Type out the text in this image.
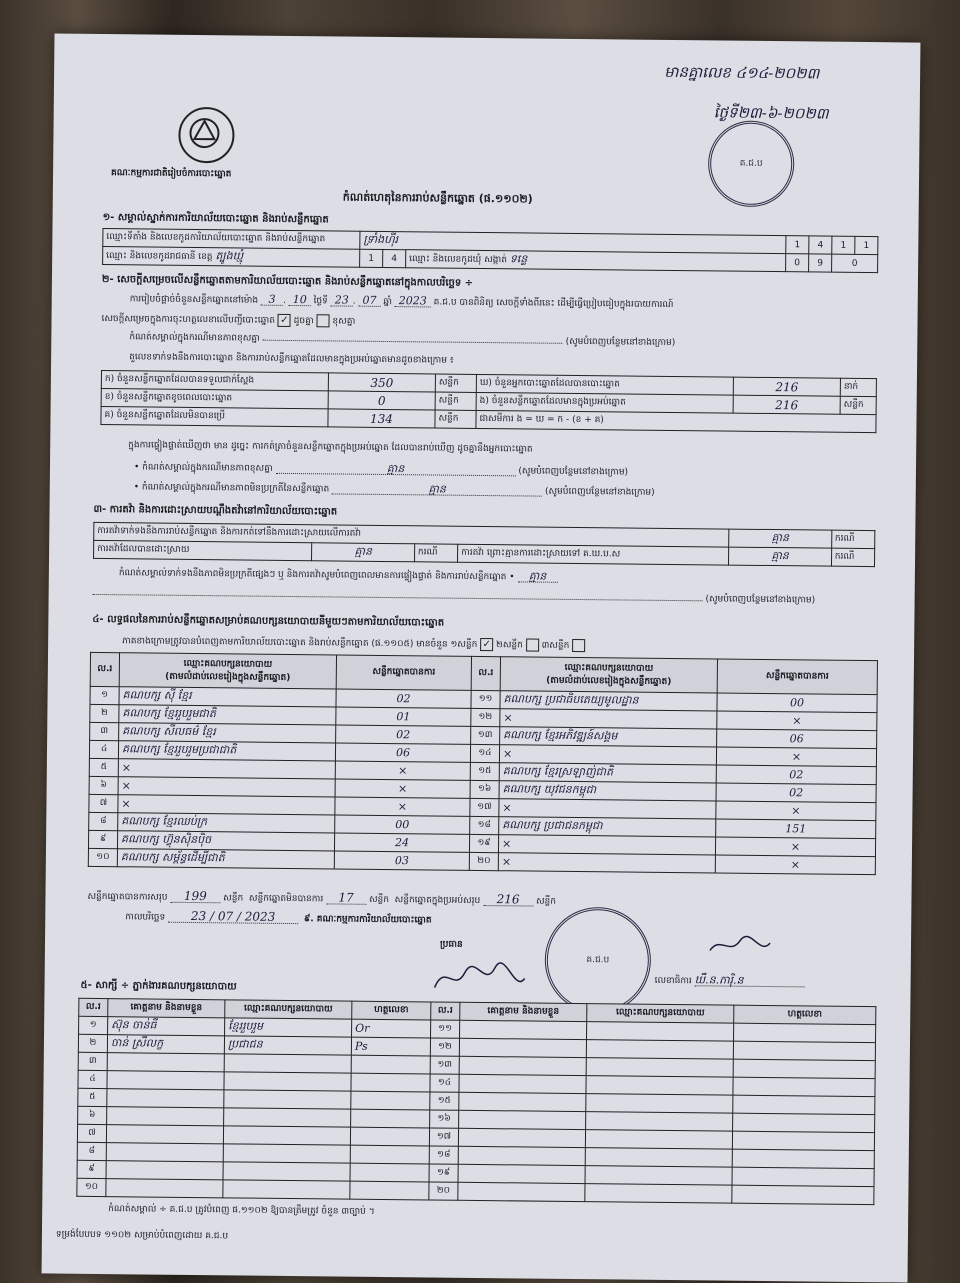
មានគ្នាលេខ ៤១៤-២០២៣
ថ្ងៃទី២៣-៦-២០២៣
គ.ជ.ប
គណៈកម្មការជាតិរៀបចំការបោះឆ្នោត
កំណត់ហេតុនៃការរាប់សន្លឹកឆ្នោត (ផ.១១០២)
១- សម្គាល់ស្នាក់ការការិយាល័យបោះឆ្នោត និងរាប់សន្លឹកឆ្នោត
ឈ្មោះទីតាំង និងលេខកូដការិយាល័យបោះឆ្នោត និងរាប់សន្លឹកឆ្នោត	ទ្រាំងហ៊ីរ			1	4	1	1
ឈ្មោះ និងលេខកូដរាជធានី ខេត្ត ត្បូងឃ្មុំ	1	4	ឈ្មោះ និងលេខកូដឃុំ សង្កាត់ ទន្លេ	0	9	0	
២- សេចក្តីសម្រេចលើសន្លឹកឆ្នោតតាមការិយាល័យបោះឆ្នោត និងរាប់សន្លឹកឆ្នោតនៅក្នុងកាលបរិច្ឆេទ ÷
ការរៀបចំផ្តាច់ចំនួនសន្លឹកឆ្នោតនៅម៉ោង 3 . 10 ថ្ងៃទី 23 . 07 ឆ្នាំ 2023 គ.ជ.ប បានពិនិត្យ សេចក្តីទាំងពីរនេះ ដើម្បីធ្វើប្រៀបធៀបក្នុងរបាយការណ៍
សេចក្តីសម្រេចក្នុងការចុះហត្ថលេខាលើបញ្ជីបោះឆ្នោត ✓ ដូចគ្នា ខុសគ្នា
កំណត់សម្គាល់ក្នុងករណីមានភាពខុសគ្នា	(សូមបំពេញបន្ថែមនៅខាងក្រោម)
តួលេខទាក់ទងនឹងការបោះឆ្នោត និងការរាប់សន្លឹកឆ្នោតដែលមានក្នុងប្រអប់ឆ្នោតមានដូចខាងក្រោម ៖
ក) ចំនួនសន្លឹកឆ្នោតដែលបានទទួលជាក់ស្តែង	350	សន្លឹក	ឃ) ចំនួនអ្នកបោះឆ្នោតដែលបានបោះឆ្នោត	216	នាក់
ខ) ចំនួនសន្លឹកឆ្នោតខូចពេលបោះឆ្នោត	0	សន្លឹក	ង) ចំនួនសន្លឹកឆ្នោតដែលមានក្នុងប្រអប់ឆ្នោត	216	សន្លឹក
គ) ចំនួនសន្លឹកឆ្នោតដែលមិនបានប្រើ	134	សន្លឹក	ជាសមីការ ង = ឃ = ក - (ខ + គ)		
ក្នុងការផ្ទៀងផ្ទាត់ឃើញថា មាន ដូច្នេះ ការកត់ត្រាចំនួនសន្លឹកឆ្នោតក្នុងប្រអប់ឆ្នោត ដែលបានរាប់ឃើញ ដូចគ្នានឹងអ្នកបោះឆ្នោត
• កំណត់សម្គាល់ក្នុងករណីមានភាពខុសគ្នា	គ្មាន	(សូមបំពេញបន្ថែមនៅខាងក្រោម)
• កំណត់សម្គាល់ក្នុងករណីមានភាពមិនប្រក្រតីនៃសន្លឹកឆ្នោត	គ្មាន	(សូមបំពេញបន្ថែមនៅខាងក្រោម)
៣- ការតវ៉ា និងការដោះស្រាយបណ្តឹងតវ៉ានៅការិយាល័យបោះឆ្នោត
ការតវ៉ាទាក់ទងនឹងការរាប់សន្លឹកឆ្នោត និងការកត់ទៅនឹងការដោះស្រាយលើការតវ៉ា				គ្មាន	ករណី
ការតវ៉ាដែលបានដោះស្រាយ	គ្មាន	ករណី	ការតវ៉ា ព្រោះគ្មានការដោះស្រាយទៅ គ.ឃ.ប.ស	គ្មាន	ករណី
កំណត់សម្គាល់ទាក់ទងនឹងភាពមិនប្រក្រតីផ្សេងៗ ឬ និងការតវ៉ាសូមបំពេញពេលមានការផ្ទៀងផ្ទាត់ និងការរាប់សន្លឹកឆ្នោត • គ្មាន
(សូមបំពេញបន្ថែមនៅខាងក្រោម)
៤- លទ្ធផលនៃការរាប់សន្លឹកឆ្នោតសម្រាប់គណបក្សនយោបាយនីមួយៗតាមការិយាល័យបោះឆ្នោត
ភាគខាងក្រោមត្រូវបានបំពេញតាមការិយាល័យបោះឆ្នោត និងរាប់សន្លឹកឆ្នោត (ផ.១១០៥) មានចំនួន ១សន្លឹក ✓ ២សន្លឹក ៣សន្លឹក
ល.រ	ឈ្មោះគណបក្សនយោបាយ
(តាមលំដាប់លេខរៀងក្នុងសន្លឹកឆ្នោត)	សន្លឹកឆ្នោតបានការ	ល.រ	ឈ្មោះគណបក្សនយោបាយ
(តាមលំដាប់លេខរៀងក្នុងសន្លឹកឆ្នោត)	សន្លឹកឆ្នោតបានការ
១	គណបក្ស ស៊ី ខ្មែរ	02	១១	គណបក្ស ប្រជាធិបតេយ្យមូលដ្ឋាន	00
២	គណបក្ស ខ្មែររួបរួមជាតិ	01	១២	×	×
៣	គណបក្ស សីលធម៌ ខ្មែរ	02	១៣	គណបក្ស ខ្មែរអភិវឌ្ឍន៍សង្គម	06
៤	គណបក្ស ខ្មែររួបរួមប្រជាជាតិ	06	១៤	×	×
៥	×	×	១៥	គណបក្ស ខ្មែរស្រឡាញ់ជាតិ	02
៦	×	×	១៦	គណបក្ស យុវជនកម្ពុជា	02
៧	×	×	១៧	×	×
៨	គណបក្ស ខ្មែរឈប់ក្រ	00	១៨	គណបក្ស ប្រជាជនកម្ពុជា	151
៩	គណបក្ស ហ៊្វុនស៊ិនប៉ិច	24	១៩	×	×
១០	គណបក្ស សម្ព័ន្ធដើម្បីជាតិ	03	២០	×	×
សន្លឹកឆ្នោតបានការសរុប 199 សន្លឹក សន្លឹកឆ្នោតមិនបានការ 17 សន្លឹក សន្លឹកឆ្នោតក្នុងប្រអប់សរុប 216 សន្លឹក
កាលបរិច្ឆេទ 23 / 07 / 2023	៩. គណៈកម្មការការិយាល័យបោះឆ្នោត
ប្រធាន
គ.ជ.ប
លេខាធិការ ឃឹ.ន.ភារ៉ិ.ន
៥- សាក្សី ÷ ភ្នាក់ងារគណបក្សនយោបាយ
ល.រ	គោត្តនាម និងនាមខ្លួន	ឈ្មោះគណបក្សនយោបាយ	ហត្ថលេខា	ល.រ	គោត្តនាម និងនាមខ្លួន	ឈ្មោះគណបក្សនយោបាយ	ហត្ថលេខា
១	ស៊ុន ចាន់ធី	ខ្មែររួបរួម	Or	១១			
២	ចាន់ ស្រីលក្ខ	ប្រជាជន	Ps	១២			
៣				១៣			
៤				១៤			
៥				១៥			
៦				១៦			
៧				១៧			
៨				១៨			
៩				១៩			
១០				២០			
កំណត់សម្គាល់ ÷ គ.ជ.ប ត្រូវបំពេញ ផ.១១០២ ឱ្យបានត្រឹមត្រូវ ចំនួន ៣ច្បាប់ ។
ទម្រង់បែបបទ ១១០២ សម្រាប់បំពេញដោយ គ.ជ.ប
